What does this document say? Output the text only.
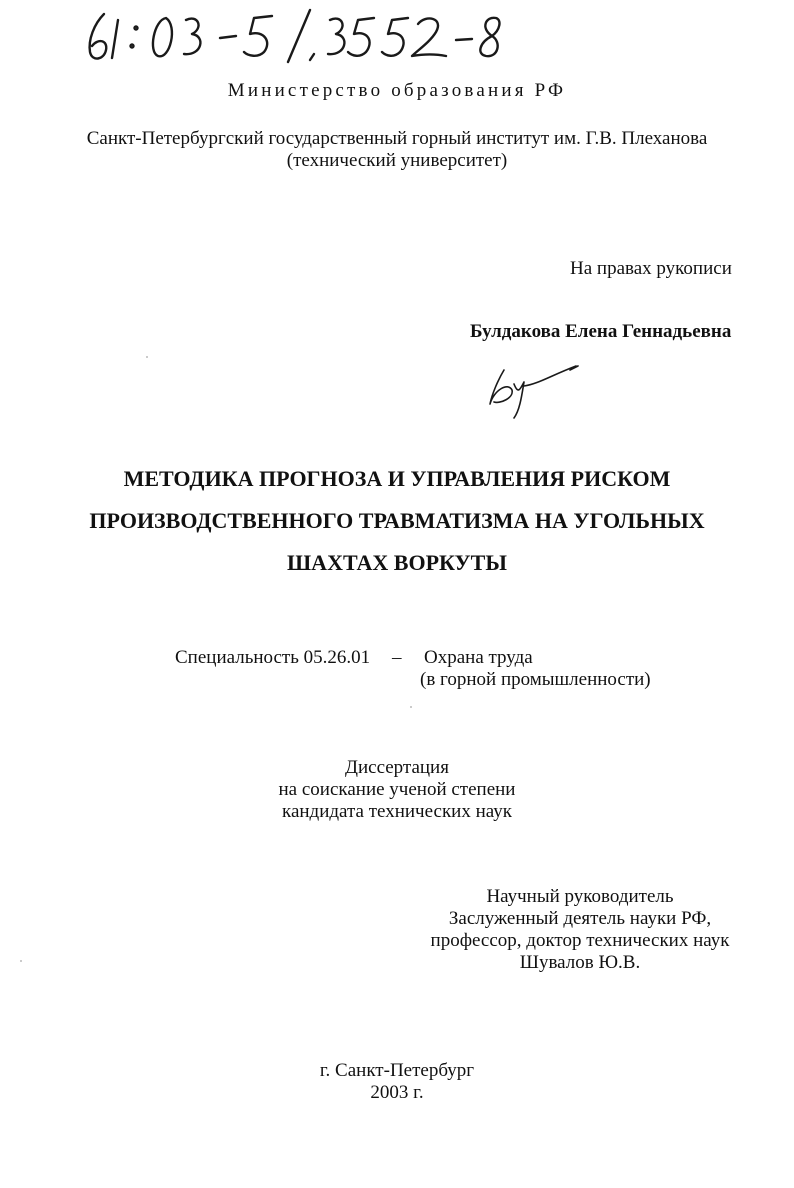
Министерство образования РФ
Санкт-Петербургский государственный горный институт им. Г.В. Плеханова
(технический университет)
На правах рукописи
Булдакова Елена Геннадьевна
МЕТОДИКА ПРОГНОЗА И УПРАВЛЕНИЯ РИСКОМ
ПРОИЗВОДСТВЕННОГО ТРАВМАТИЗМА НА УГОЛЬНЫХ
ШАХТАХ ВОРКУТЫ
Специальность 05.26.01 – Охрана труда
(в горной промышленности)
Диссертация
на соискание ученой степени
кандидата технических наук
Научный руководитель
Заслуженный деятель науки РФ,
профессор, доктор технических наук
Шувалов Ю.В.
г. Санкт-Петербург
2003 г.
